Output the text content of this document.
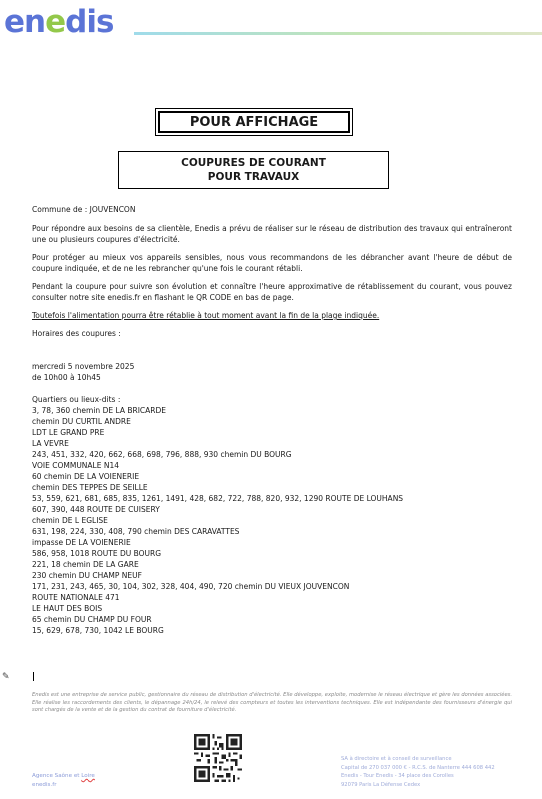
enedis
POUR AFFICHAGE
COUPURES DE COURANT
POUR TRAVAUX

Commune de : JOUVENCON

Pour répondre aux besoins de sa clientèle, Enedis a prévu de réaliser sur le réseau de distribution des travaux qui entraîneront une ou plusieurs coupures d'électricité.

Pour protéger au mieux vos appareils sensibles, nous vous recommandons de les débrancher avant l'heure de début de coupure indiquée, et de ne les rebrancher qu'une fois le courant rétabli.

Pendant la coupure pour suivre son évolution et connaître l'heure approximative de rétablissement du courant, vous pouvez consulter notre site enedis.fr en flashant le QR CODE en bas de page.

Toutefois l'alimentation pourra être rétablie à tout moment avant la fin de la plage indiquée.

Horaires des coupures :

mercredi 5 novembre 2025

de 10h00 à 10h45

Quartiers ou lieux-dits :

3, 78, 360 chemin DE LA BRICARDE
chemin DU CURTIL ANDRE
LDT LE GRAND PRE
LA VEVRE
243, 451, 332, 420, 662, 668, 698, 796, 888, 930 chemin DU BOURG
VOIE COMMUNALE N14
60 chemin DE LA VOIENERIE
chemin DES TEPPES DE SEILLE
53, 559, 621, 681, 685, 835, 1261, 1491, 428, 682, 722, 788, 820, 932, 1290 ROUTE DE LOUHANS
607, 390, 448 ROUTE DE CUISERY
chemin DE L EGLISE
631, 198, 224, 330, 408, 790 chemin DES CARAVATTES
impasse DE LA VOIENERIE
586, 958, 1018 ROUTE DU BOURG
221, 18 chemin DE LA GARE
230 chemin DU CHAMP NEUF
171, 231, 243, 465, 30, 104, 302, 328, 404, 490, 720 chemin DU VIEUX JOUVENCON
ROUTE NATIONALE 471
LE HAUT DES BOIS
65 chemin DU CHAMP DU FOUR
15, 629, 678, 730, 1042 LE BOURG
✎
Enedis est une entreprise de service public, gestionnaire du réseau de distribution d'électricité. Elle développe, exploite, modernise le réseau électrique et gère les données associées. Elle réalise les raccordements des clients, le dépannage 24h/24, le relevé des compteurs et toutes les interventions techniques. Elle est indépendante des fournisseurs d'énergie qui sont chargés de la vente et de la gestion du contrat de fourniture d'électricité.
Agence Saône et Loire
enedis.fr
SA à directoire et à conseil de surveillance
Capital de 270 037 000 € - R.C.S. de Nanterre 444 608 442
Enedis - Tour Enedis - 34 place des Corolles
92079 Paris La Défense Cedex
